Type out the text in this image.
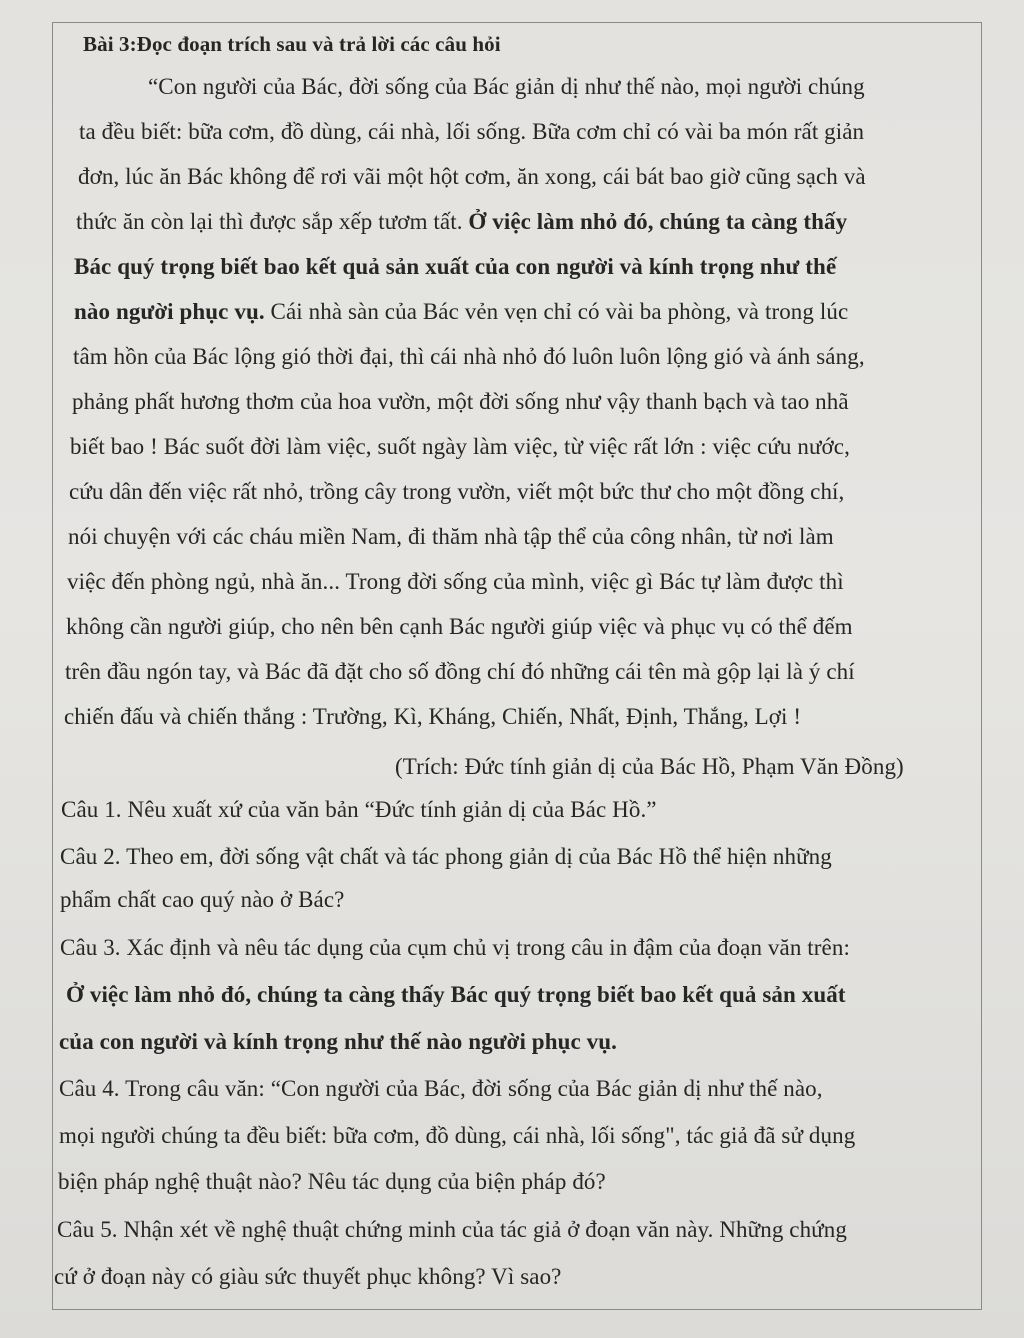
Bài 3:Đọc đoạn trích sau và trả lời các câu hỏi
“Con người của Bác, đời sống của Bác giản dị như thế nào, mọi người chúng
ta đều biết: bữa cơm, đồ dùng, cái nhà, lối sống. Bữa cơm chỉ có vài ba món rất giản
đơn, lúc ăn Bác không để rơi vãi một hột cơm, ăn xong, cái bát bao giờ cũng sạch và
thức ăn còn lại thì được sắp xếp tươm tất. Ở việc làm nhỏ đó, chúng ta càng thấy
Bác quý trọng biết bao kết quả sản xuất của con người và kính trọng như thế
nào người phục vụ. Cái nhà sàn của Bác vẻn vẹn chỉ có vài ba phòng, và trong lúc
tâm hồn của Bác lộng gió thời đại, thì cái nhà nhỏ đó luôn luôn lộng gió và ánh sáng,
phảng phất hương thơm của hoa vườn, một đời sống như vậy thanh bạch và tao nhã
biết bao ! Bác suốt đời làm việc, suốt ngày làm việc, từ việc rất lớn : việc cứu nước,
cứu dân đến việc rất nhỏ, trồng cây trong vườn, viết một bức thư cho một đồng chí,
nói chuyện với các cháu miền Nam, đi thăm nhà tập thể của công nhân, từ nơi làm
việc đến phòng ngủ, nhà ăn... Trong đời sống của mình, việc gì Bác tự làm được thì
không cần người giúp, cho nên bên cạnh Bác người giúp việc và phục vụ có thể đếm
trên đầu ngón tay, và Bác đã đặt cho số đồng chí đó những cái tên mà gộp lại là ý chí
chiến đấu và chiến thắng : Trường, Kì, Kháng, Chiến, Nhất, Định, Thắng, Lợi !
(Trích: Đức tính giản dị của Bác Hồ, Phạm Văn Đồng)
Câu 1. Nêu xuất xứ của văn bản “Đức tính giản dị của Bác Hồ.”
Câu 2. Theo em, đời sống vật chất và tác phong giản dị của Bác Hồ thể hiện những
phẩm chất cao quý nào ở Bác?
Câu 3. Xác định và nêu tác dụng của cụm chủ vị trong câu in đậm của đoạn văn trên:
Ở việc làm nhỏ đó, chúng ta càng thấy Bác quý trọng biết bao kết quả sản xuất
của con người và kính trọng như thế nào người phục vụ.
Câu 4. Trong câu văn: “Con người của Bác, đời sống của Bác giản dị như thế nào,
mọi người chúng ta đều biết: bữa cơm, đồ dùng, cái nhà, lối sống", tác giả đã sử dụng
biện pháp nghệ thuật nào? Nêu tác dụng của biện pháp đó?
Câu 5. Nhận xét về nghệ thuật chứng minh của tác giả ở đoạn văn này. Những chứng
cứ ở đoạn này có giàu sức thuyết phục không? Vì sao?
